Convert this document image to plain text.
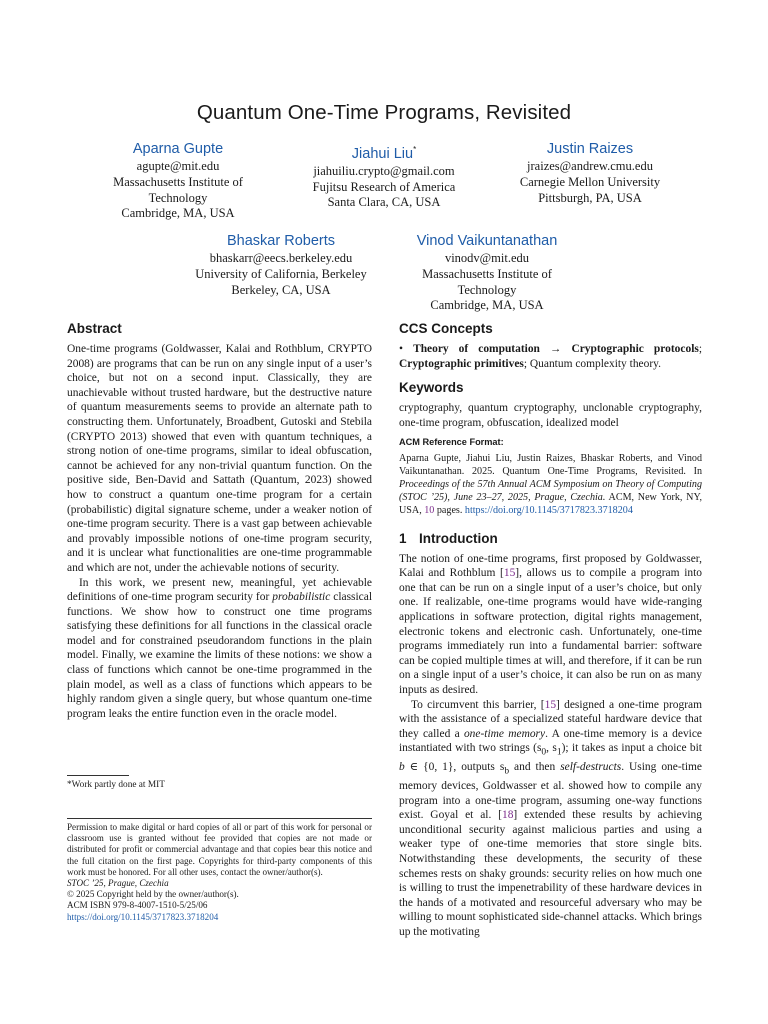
Quantum One-Time Programs, Revisited
Aparna Gupte
agupte@mit.edu
Massachusetts Institute of
Technology
Cambridge, MA, USA
Jiahui Liu*
jiahuiliu.crypto@gmail.com
Fujitsu Research of America
Santa Clara, CA, USA
Justin Raizes
jraizes@andrew.cmu.edu
Carnegie Mellon University
Pittsburgh, PA, USA
Bhaskar Roberts
bhaskarr@eecs.berkeley.edu
University of California, Berkeley
Berkeley, CA, USA
Vinod Vaikuntanathan
vinodv@mit.edu
Massachusetts Institute of
Technology
Cambridge, MA, USA
Abstract

One-time programs (Goldwasser, Kalai and Rothblum, CRYPTO 2008) are programs that can be run on any single input of a user’s choice, but not on a second input. Classically, they are unachievable without trusted hardware, but the destructive nature of quantum measurements seems to provide an alternate path to constructing them. Unfortunately, Broadbent, Gutoski and Stebila (CRYPTO 2013) showed that even with quantum techniques, a strong notion of one-time programs, similar to ideal obfuscation, cannot be achieved for any non-trivial quantum function. On the positive side, Ben-David and Sattath (Quantum, 2023) showed how to construct a quantum one-time program for a certain (probabilistic) digital signature scheme, under a weaker notion of one-time program security. There is a vast gap between achievable and provably impossible notions of one-time program security, and it is unclear what functionalities are one-time programmable and which are not, under the achievable notions of security.

In this work, we present new, meaningful, yet achievable definitions of one-time program security for probabilistic classical functions. We show how to construct one time programs satisfying these definitions for all functions in the classical oracle model and for constrained pseudorandom functions in the plain model. Finally, we examine the limits of these notions: we show a class of functions which cannot be one-time programmed in the plain model, as well as a class of functions which appears to be highly random given a single query, but whose quantum one-time program leaks the entire function even in the oracle model.

*Work partly done at MIT
Permission to make digital or hard copies of all or part of this work for personal or classroom use is granted without fee provided that copies are not made or distributed for profit or commercial advantage and that copies bear this notice and the full citation on the first page. Copyrights for third-party components of this work must be honored. For all other uses, contact the owner/author(s).
STOC ’25, Prague, Czechia
© 2025 Copyright held by the owner/author(s).
ACM ISBN 979-8-4007-1510-5/25/06
https://doi.org/10.1145/3717823.3718204
CCS Concepts

• Theory of computation → Cryptographic protocols; Cryptographic primitives; Quantum complexity theory.

Keywords

cryptography, quantum cryptography, unclonable cryptography, one-time program, obfuscation, idealized model

ACM Reference Format:
Aparna Gupte, Jiahui Liu, Justin Raizes, Bhaskar Roberts, and Vinod Vaikuntanathan. 2025. Quantum One-Time Programs, Revisited. In Proceedings of the 57th Annual ACM Symposium on Theory of Computing (STOC ’25), June 23–27, 2025, Prague, Czechia. ACM, New York, NY, USA, 10 pages. https://doi.org/10.1145/3717823.3718204
1 Introduction

The notion of one-time programs, first proposed by Goldwasser, Kalai and Rothblum [15], allows us to compile a program into one that can be run on a single input of a user’s choice, but only one. If realizable, one-time programs would have wide-ranging applications in software protection, digital rights management, electronic tokens and electronic cash. Unfortunately, one-time programs immediately run into a fundamental barrier: software can be copied multiple times at will, and therefore, if it can be run on a single input of a user’s choice, it can also be run on as many inputs as desired.

To circumvent this barrier, [15] designed a one-time program with the assistance of a specialized stateful hardware device that they called a one-time memory. A one-time memory is a device instantiated with two strings ($s_0$, $s_1$); it takes as input a choice bit b ∈ {0, 1}, outputs $s_b$ and then self-destructs. Using one-time memory devices, Goldwasser et al. showed how to compile any program into a one-time program, assuming one-way functions exist. Goyal et al. [18] extended these results by achieving unconditional security against malicious parties and using a weaker type of one-time memories that store single bits. Notwithstanding these developments, the security of these schemes rests on shaky grounds: security relies on how much one is willing to trust the impenetrability of these hardware devices in the hands of a motivated and resourceful adversary who may be willing to mount sophisticated side-channel attacks. Which brings up the motivating
